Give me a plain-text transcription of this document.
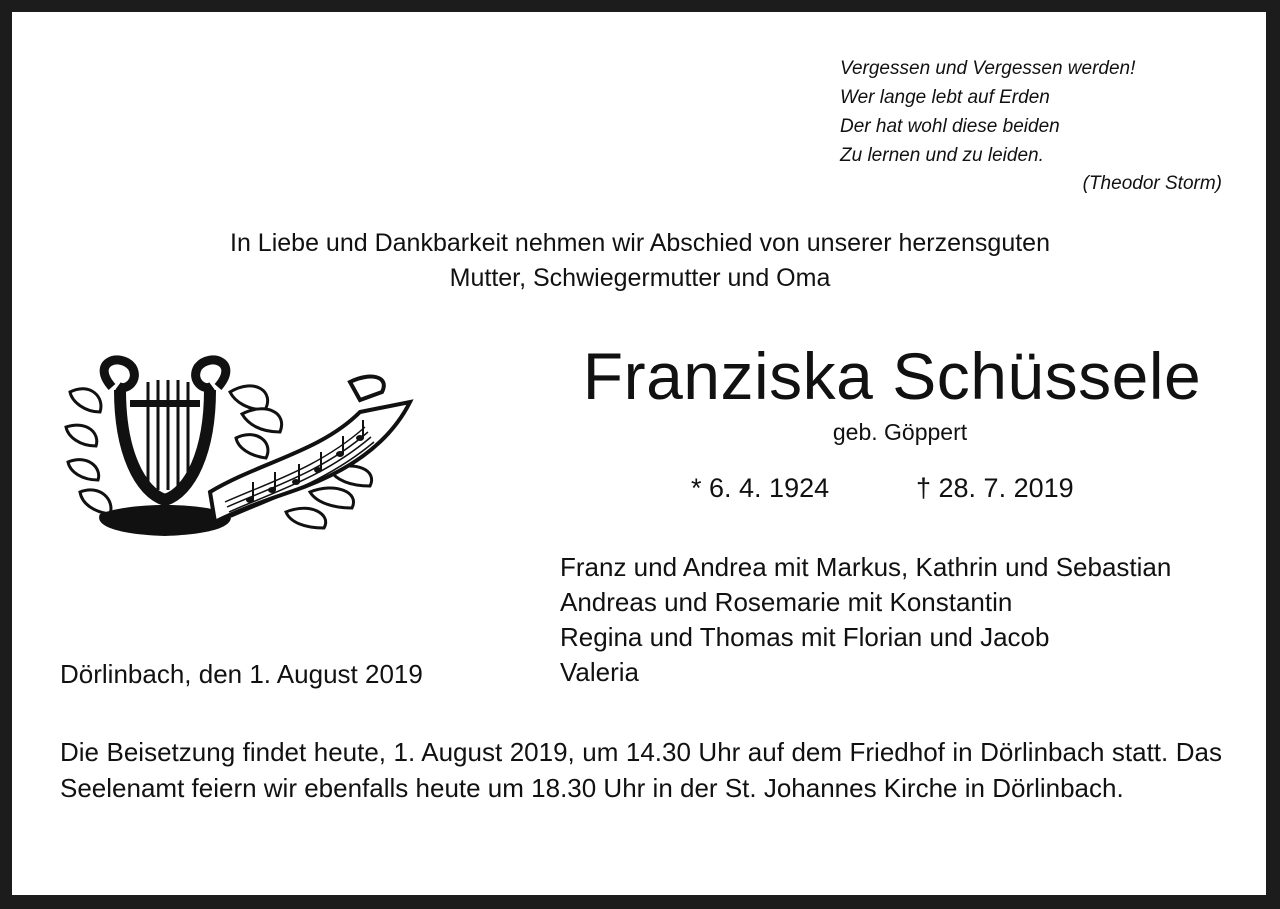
Vergessen und Vergessen werden!
Wer lange lebt auf Erden
Der hat wohl diese beiden
Zu lernen und zu leiden.
(Theodor Storm)
In Liebe und Dankbarkeit nehmen wir Abschied von unserer herzensguten
Mutter, Schwiegermutter und Oma
Franziska Schüssele
geb. Göppert
* 6. 4. 1924	† 28. 7. 2019
Franz und Andrea mit Markus, Kathrin und Sebastian
Andreas und Rosemarie mit Konstantin
Regina und Thomas mit Florian und Jacob
Valeria
Dörlinbach, den 1. August 2019
Die Beisetzung findet heute, 1. August 2019, um 14.30 Uhr auf dem Friedhof in Dörlinbach statt. Das Seelenamt feiern wir ebenfalls heute um 18.30 Uhr in der St. Johannes Kirche in Dörlinbach.
